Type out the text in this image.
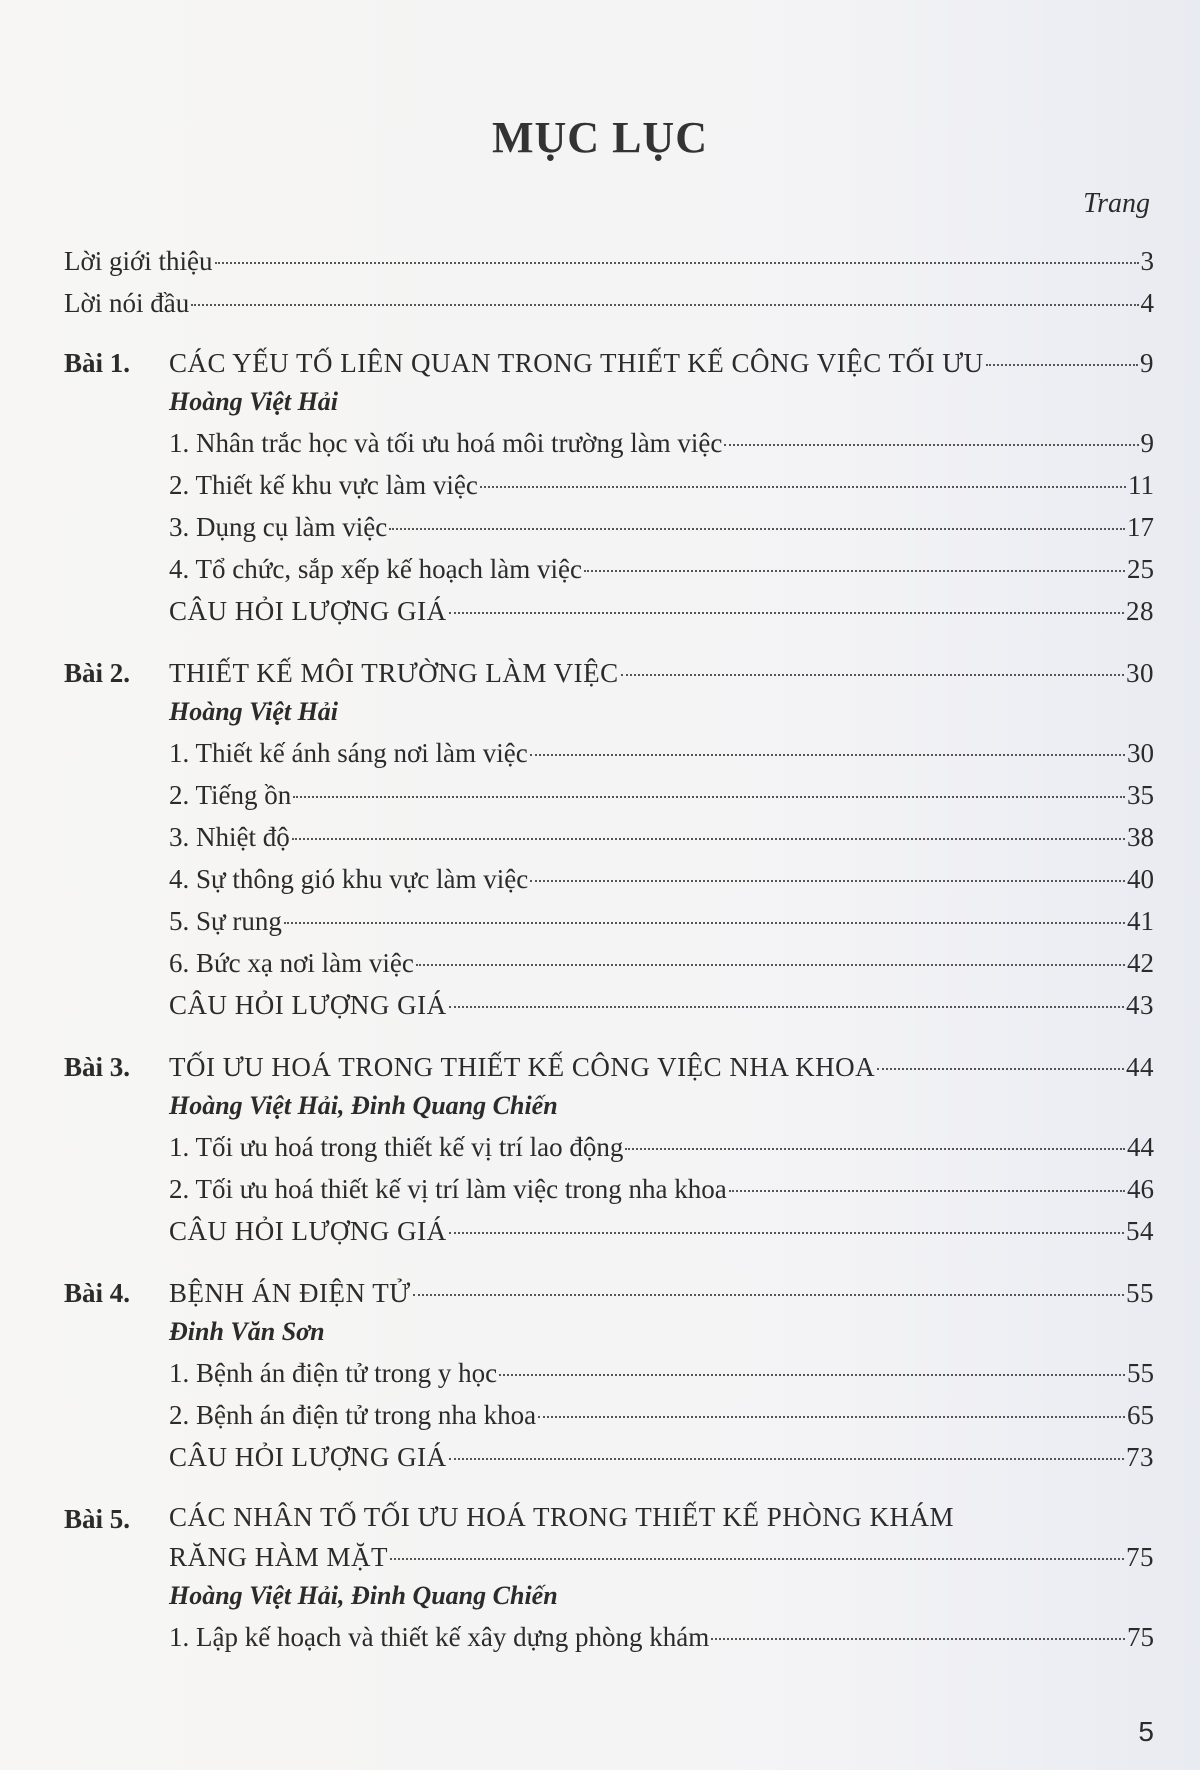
MỤC LỤC
Trang
Lời giới thiệu	3
Lời nói đầu	4
Bài 1. CÁC YẾU TỐ LIÊN QUAN TRONG THIẾT KẾ CÔNG VIỆC TỐI ƯU	9
Hoàng Việt Hải
1. Nhân trắc học và tối ưu hoá môi trường làm việc	9
2. Thiết kế khu vực làm việc	11
3. Dụng cụ làm việc	17
4. Tổ chức, sắp xếp kế hoạch làm việc	25
CÂU HỎI LƯỢNG GIÁ	28
Bài 2. THIẾT KẾ MÔI TRƯỜNG LÀM VIỆC	30
Hoàng Việt Hải
1. Thiết kế ánh sáng nơi làm việc	30
2. Tiếng ồn	35
3. Nhiệt độ	38
4. Sự thông gió khu vực làm việc	40
5. Sự rung	41
6. Bức xạ nơi làm việc	42
CÂU HỎI LƯỢNG GIÁ	43
Bài 3. TỐI ƯU HOÁ TRONG THIẾT KẾ CÔNG VIỆC NHA KHOA	44
Hoàng Việt Hải, Đinh Quang Chiến
1. Tối ưu hoá trong thiết kế vị trí lao động	44
2. Tối ưu hoá thiết kế vị trí làm việc trong nha khoa	46
CÂU HỎI LƯỢNG GIÁ	54
Bài 4. BỆNH ÁN ĐIỆN TỬ	55
Đinh Văn Sơn
1. Bệnh án điện tử trong y học	55
2. Bệnh án điện tử trong nha khoa	65
CÂU HỎI LƯỢNG GIÁ	73
Bài 5. CÁC NHÂN TỐ TỐI ƯU HOÁ TRONG THIẾT KẾ PHÒNG KHÁM
RĂNG HÀM MẶT	75
Hoàng Việt Hải, Đinh Quang Chiến
1. Lập kế hoạch và thiết kế xây dựng phòng khám	75
5
